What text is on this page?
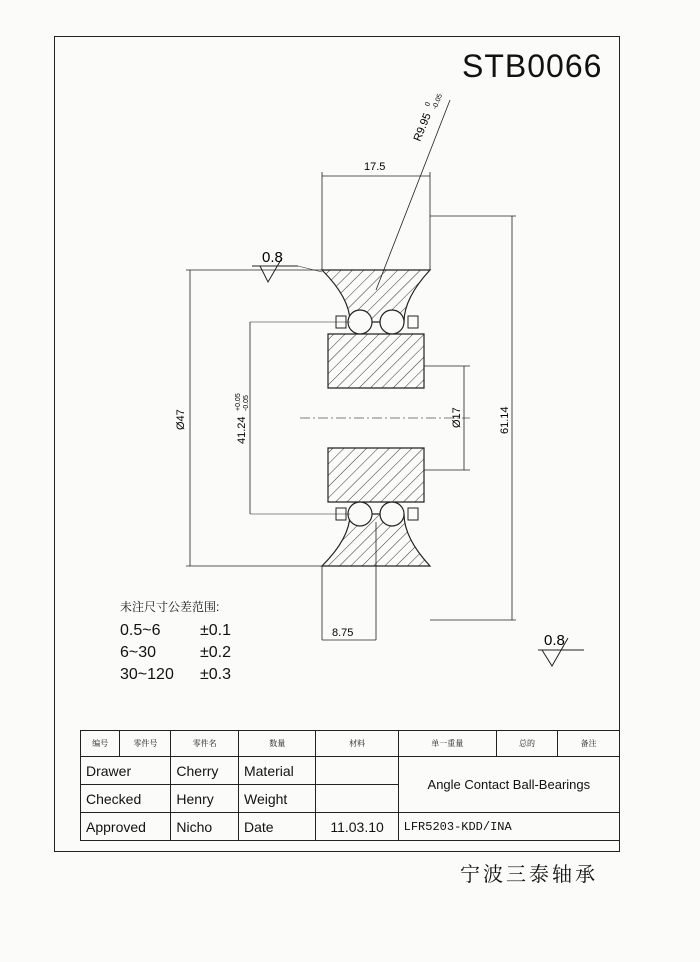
STB0066
17.5
R9.95
0 -0.05
Ø47	41.24
+0.05 -0.05
Ø17	61.14
8.75
0.8
0.8
未注尺寸公差范围:
0.5~6	±0.1
6~30	±0.2
30~120	±0.3
编号	零件号	零件名	数量	材料	单一重量	总的	备注
Drawer		Cherry	Material		Angle Contact Ball-Bearings		
Checked		Henry	Weight				
Approved		Nicho	Date	11.03.10	LFR5203-KDD/INA		
宁波三泰轴承
